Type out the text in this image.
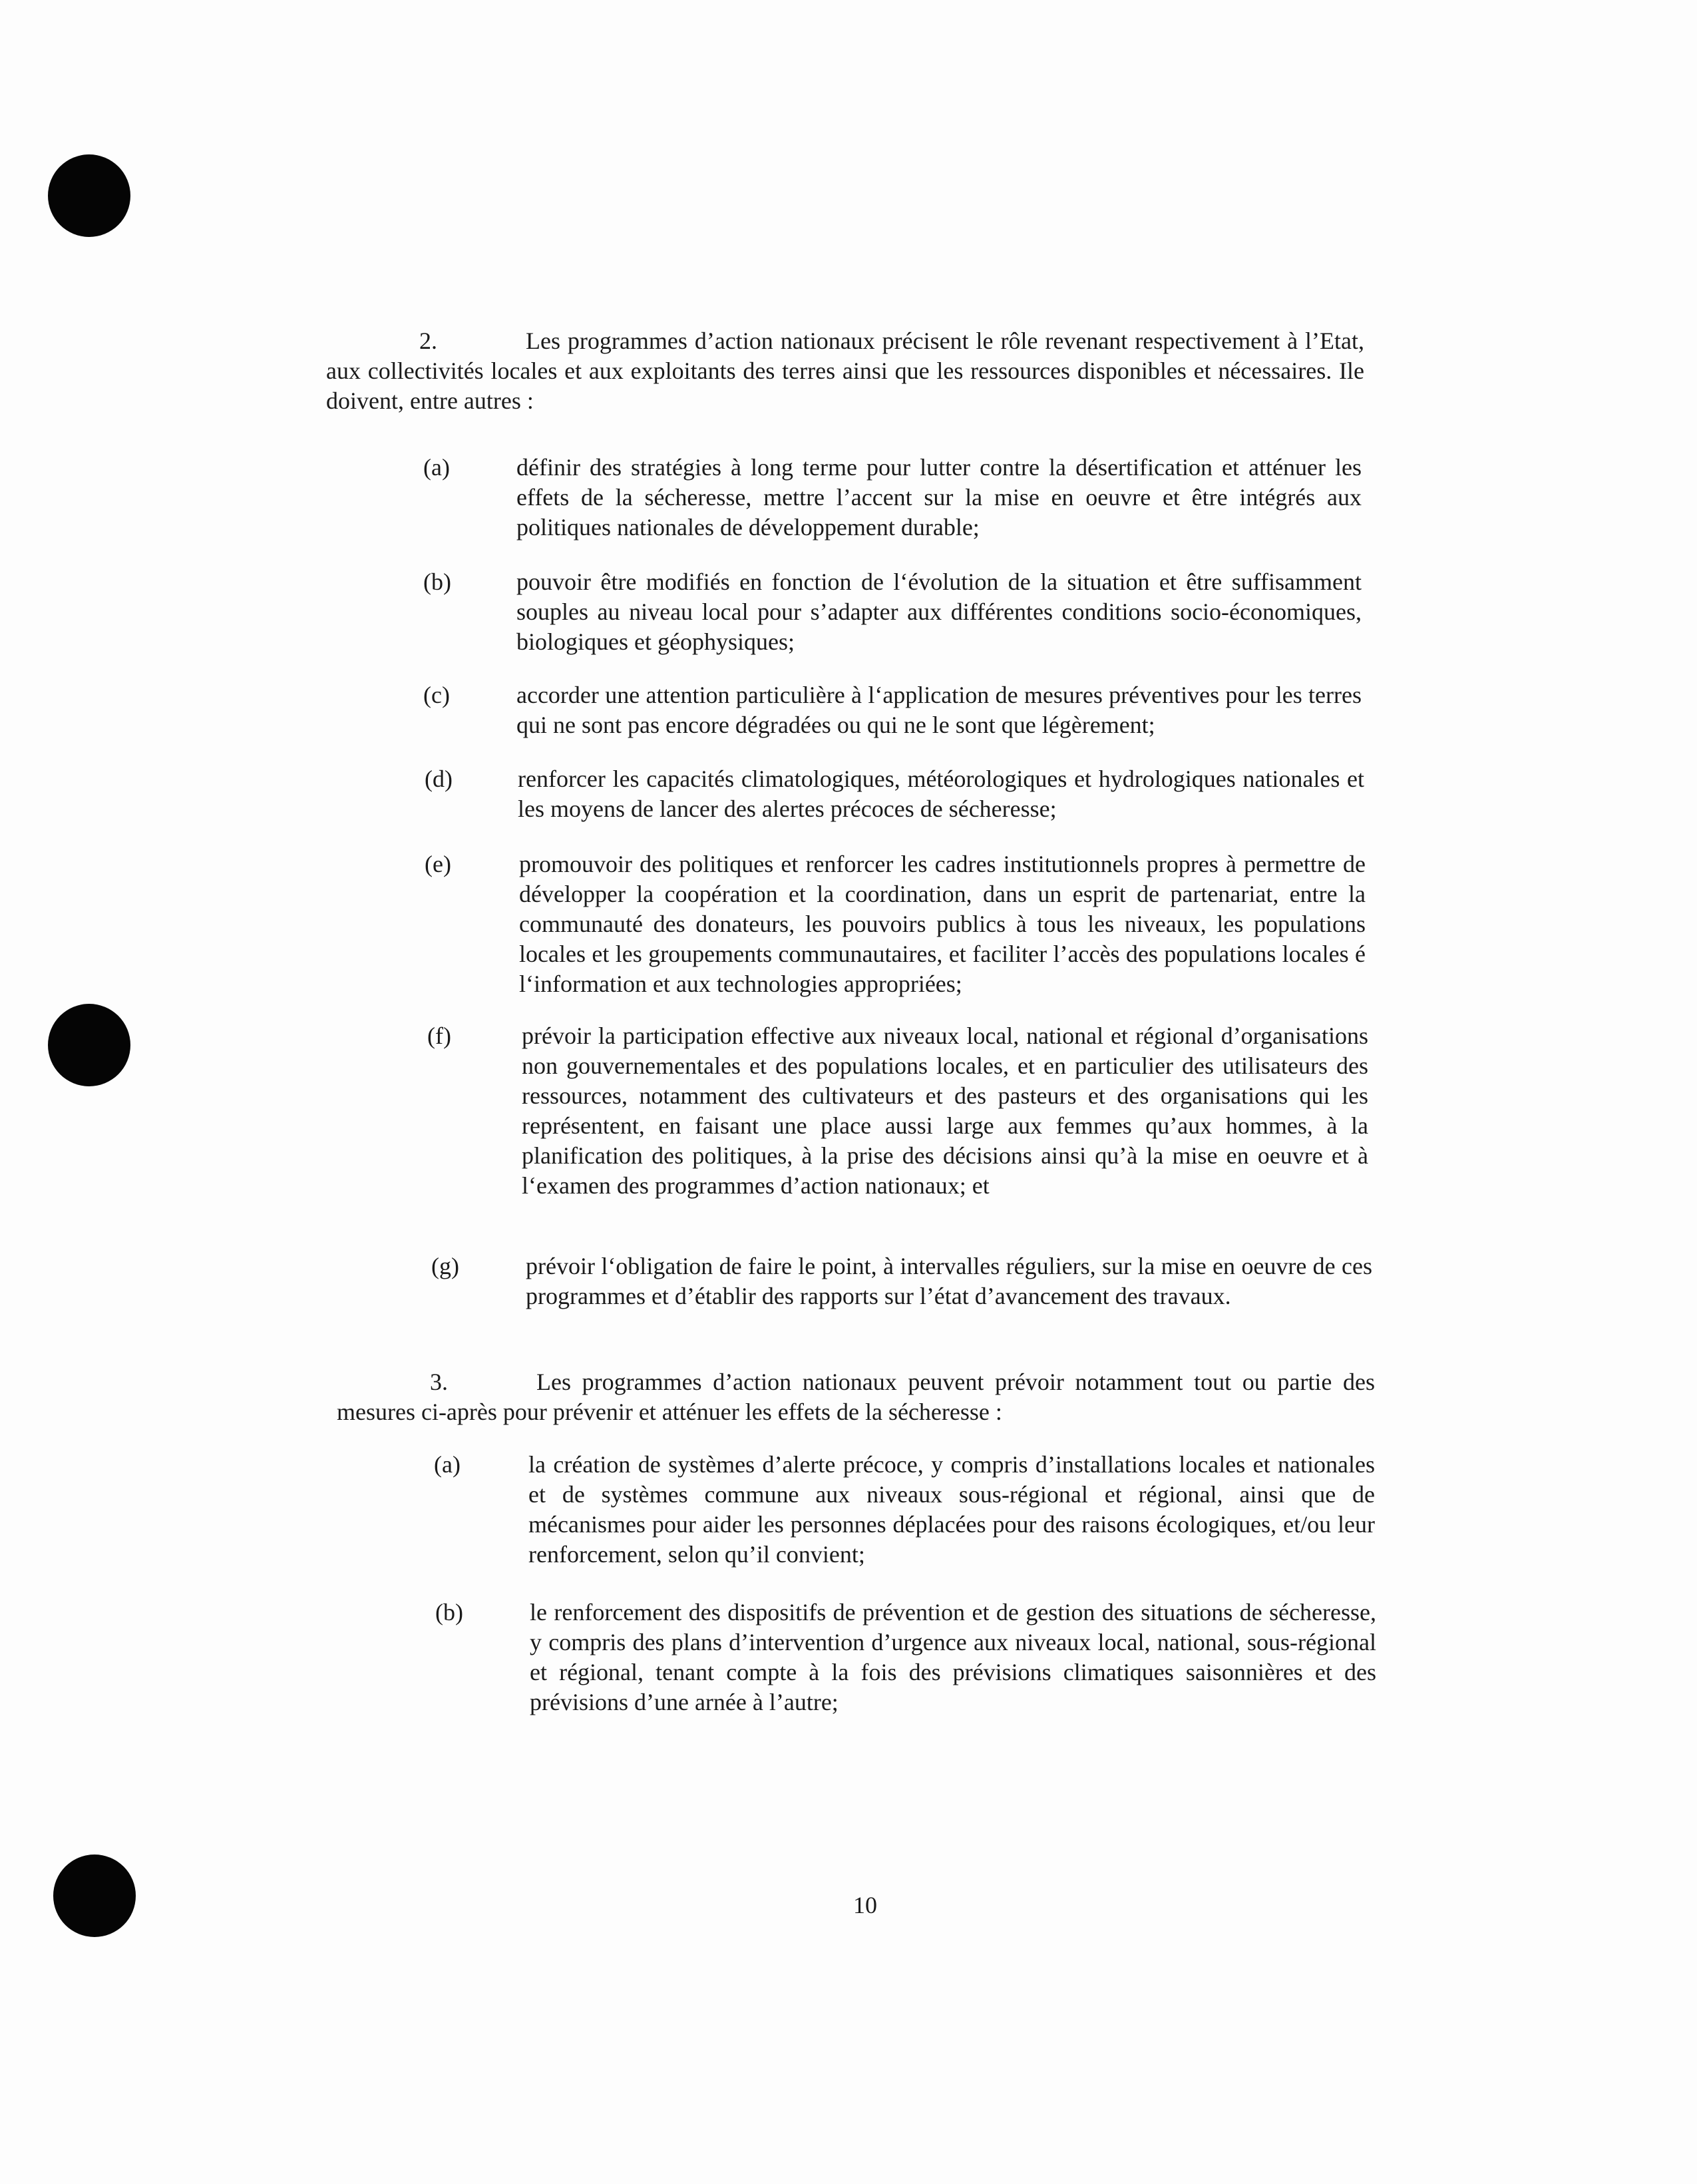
2.	Les programmes d’action nationaux précisent le rôle revenant respectivement à l’Etat, aux collectivités locales et aux exploitants des terres ainsi que les ressources disponibles et nécessaires. Ile doivent, entre autres :
(a)	définir des stratégies à long terme pour lutter contre la désertification et atténuer les effets de la sécheresse, mettre l’accent sur la mise en oeuvre et être intégrés aux politiques nationales de développement durable;
(b)	pouvoir être modifiés en fonction de l‘évolution de la situation et être suffisamment souples au niveau local pour s’adapter aux différentes conditions socio-économiques, biologiques et géophysiques;
(c)	accorder une attention particulière à l‘application de mesures préventives pour les terres qui ne sont pas encore dégradées ou qui ne le sont que légèrement;
(d)	renforcer les capacités climatologiques, météorologiques et hydrologiques nationales et les moyens de lancer des alertes précoces de sécheresse;
(e)	promouvoir des politiques et renforcer les cadres institutionnels propres à permettre de développer la coopération et la coordination, dans un esprit de partenariat, entre la communauté des donateurs, les pouvoirs publics à tous les niveaux, les populations locales et les groupements communautaires, et faciliter l’accès des populations locales é l‘information et aux technologies appropriées;
(f)	prévoir la participation effective aux niveaux local, national et régional d’organisations non gouvernementales et des populations locales, et en particulier des utilisateurs des ressources, notamment des cultivateurs et des pasteurs et des organisations qui les représentent, en faisant une place aussi large aux femmes qu’aux hommes, à la planification des politiques, à la prise des décisions ainsi qu’à la mise en oeuvre et à l‘examen des programmes d’action nationaux; et
(g)	prévoir l‘obligation de faire le point, à intervalles réguliers, sur la mise en oeuvre de ces programmes et d’établir des rapports sur l’état d’avancement des travaux.
3.	Les programmes d’action nationaux peuvent prévoir notamment tout ou partie des mesures ci-après pour prévenir et atténuer les effets de la sécheresse :
(a)	la création de systèmes d’alerte précoce, y compris d’installations locales et nationales et de systèmes commune aux niveaux sous-régional et régional, ainsi que de mécanismes pour aider les personnes déplacées pour des raisons écologiques, et/ou leur renforcement, selon qu’il convient;
(b)	le renforcement des dispositifs de prévention et de gestion des situations de sécheresse, y compris des plans d’intervention d’urgence aux niveaux local, national, sous-régional et régional, tenant compte à la fois des prévisions climatiques saisonnières et des prévisions d’une arnée à l’autre;
10
